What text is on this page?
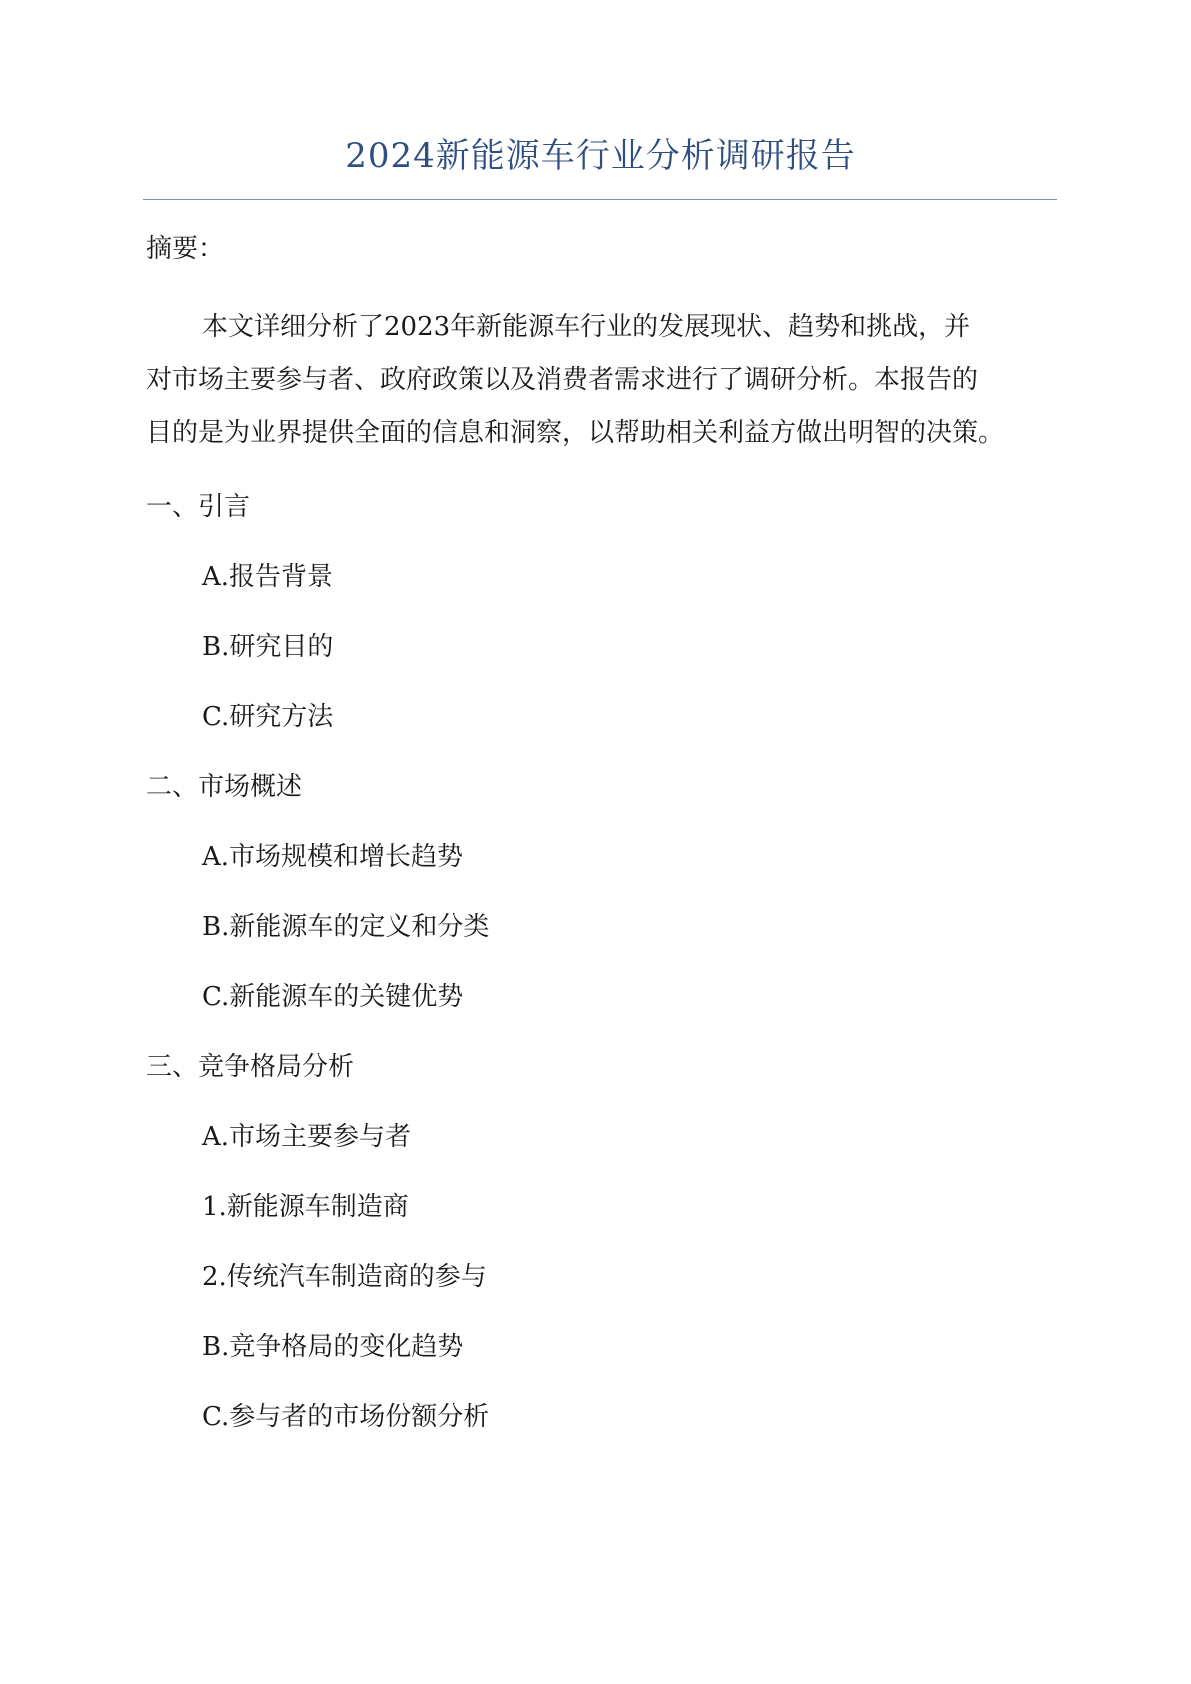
2024新能源车行业分析调研报告

摘要：

本文详细分析了2023年新能源车行业的发展现状、趋势和挑战，并
对市场主要参与者、政府政策以及消费者需求进行了调研分析。本报告的
目的是为业界提供全面的信息和洞察，以帮助相关利益方做出明智的决策。

一、引言

A.报告背景

B.研究目的

C.研究方法

二、市场概述

A.市场规模和增长趋势

B.新能源车的定义和分类

C.新能源车的关键优势

三、竞争格局分析

A.市场主要参与者

1.新能源车制造商

2.传统汽车制造商的参与

B.竞争格局的变化趋势

C.参与者的市场份额分析
